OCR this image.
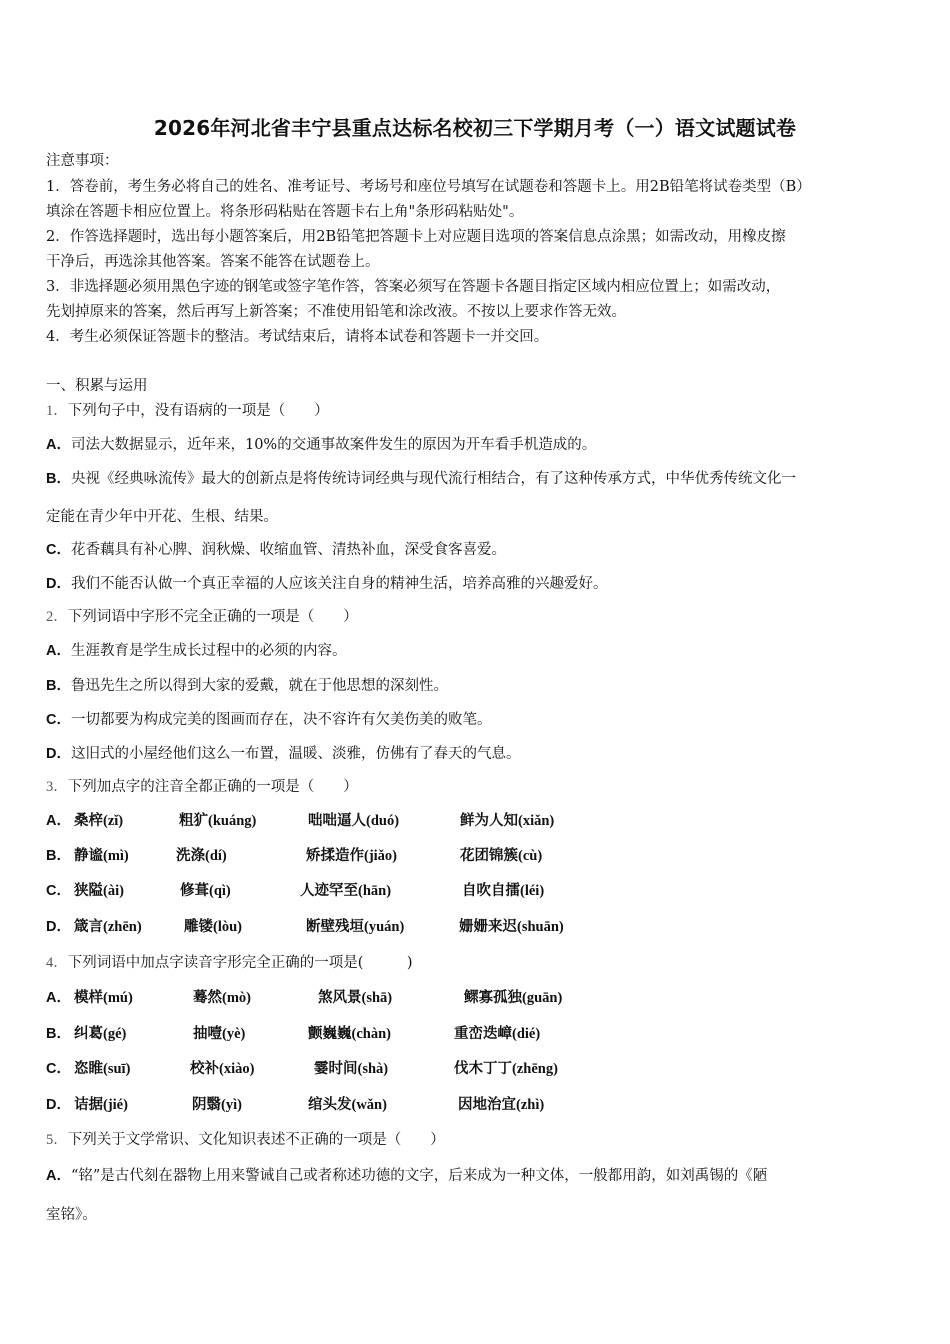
2026年河北省丰宁县重点达标名校初三下学期月考（一）语文试题试卷
注意事项：
1．答卷前，考生务必将自己的姓名、准考证号、考场号和座位号填写在试题卷和答题卡上。用2B铅笔将试卷类型（B）
填涂在答题卡相应位置上。将条形码粘贴在答题卡右上角"条形码粘贴处"。
2．作答选择题时，选出每小题答案后，用2B铅笔把答题卡上对应题目选项的答案信息点涂黑；如需改动，用橡皮擦
干净后，再选涂其他答案。答案不能答在试题卷上。
3．非选择题必须用黑色字迹的钢笔或签字笔作答，答案必须写在答题卡各题目指定区域内相应位置上；如需改动，
先划掉原来的答案，然后再写上新答案；不准使用铅笔和涂改液。不按以上要求作答无效。
4．考生必须保证答题卡的整洁。考试结束后，请将本试卷和答题卡一并交回。
一、积累与运用
1．下列句子中，没有语病的一项是（　　）
A．司法大数据显示，近年来，10%的交通事故案件发生的原因为开车看手机造成的。
B．央视《经典咏流传》最大的创新点是将传统诗词经典与现代流行相结合，有了这种传承方式，中华优秀传统文化一
定能在青少年中开花、生根、结果。
C．花香藕具有补心脾、润秋燥、收缩血管、清热补血，深受食客喜爱。
D．我们不能否认做一个真正幸福的人应该关注自身的精神生活，培养高雅的兴趣爱好。
2．下列词语中字形不完全正确的一项是（　　）
A．生涯教育是学生成长过程中的必须的内容。
B．鲁迅先生之所以得到大家的爱戴，就在于他思想的深刻性。
C．一切都要为构成完美的图画而存在，决不容许有欠美伤美的败笔。
D．这旧式的小屋经他们这么一布置，温暖、淡雅，仿佛有了春天的气息。
3．下列加点字的注音全都正确的一项是（　　）
A． 桑梓(zǐ)	粗犷(kuáng)	咄咄逼人(duó)	鲜为人知(xiǎn)
B． 静谧(mì)	洗涤(dí)	矫揉造作(jiǎo)	花团锦簇(cù)
C． 狭隘(ài)	修葺(qì)	人迹罕至(hān)	自吹自擂(léi)
D． 箴言(zhēn)	雕镂(lòu)	断壁残垣(yuán)	姗姗来迟(shuān)
4．下列词语中加点字读音字形完全正确的一项是(　　　)
A． 模样(mú)	蓦然(mò)	煞风景(shā)	鳏寡孤独(guān)
B． 纠葛(gé)	抽噎(yè)	颤巍巍(chàn)	重峦迭嶂(dié)
C． 恣睢(suī)	校补(xiào)	霎时间(shà)	伐木丁丁(zhēng)
D． 诘据(jié)	阴翳(yì)	绾头发(wǎn)	因地治宜(zhì)
5．下列关于文学常识、文化知识表述不正确的一项是（　　）
A．“铭”是古代刻在器物上用来警诫自己或者称述功德的文字，后来成为一种文体，一般都用韵，如刘禹锡的《陋
室铭》。
